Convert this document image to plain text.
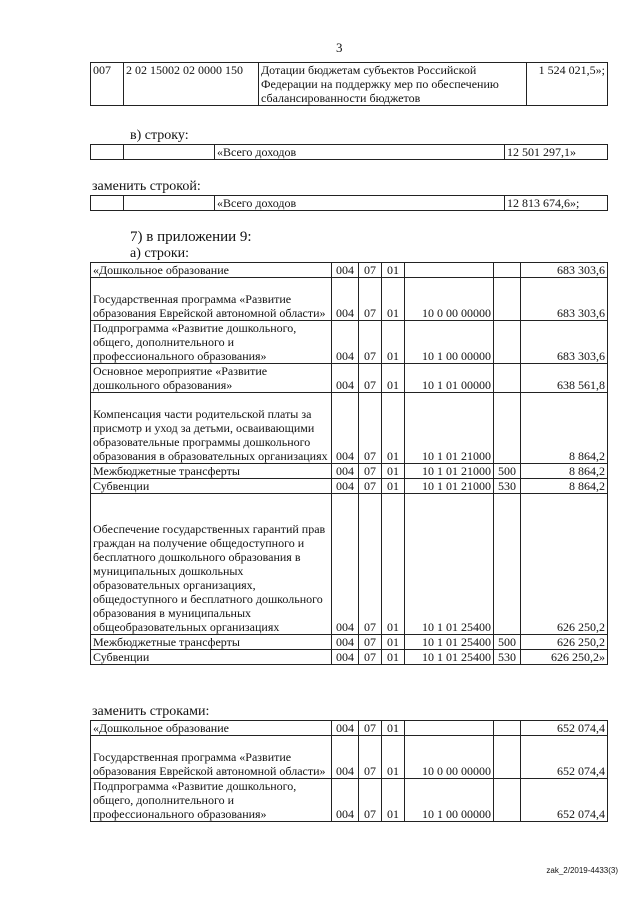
3
007	2 02 15002 02 0000 150	Дотации бюджетам субъектов Российской Федерации на поддержку мер по обеспечению сбалансированности бюджетов	1 524 021,5»;
в) строку:
		«Всего доходов	12 501 297,1»
заменить строкой:
		«Всего доходов	12 813 674,6»;
7) в приложении 9:
а) строки:
«Дошкольное образование	004	07	01			683 303,6
Государственная программа «Развитие образования Еврейской автономной области»	004	07	01	10 0 00 00000		683 303,6
Подпрограмма «Развитие дошкольного, общего, дополнительного и профессионального образования»	004	07	01	10 1 00 00000		683 303,6
Основное мероприятие «Развитие дошкольного образования»	004	07	01	10 1 01 00000		638 561,8
Компенсация части родительской платы за присмотр и уход за детьми, осваивающими образовательные программы дошкольного образования в образовательных организациях	004	07	01	10 1 01 21000		8 864,2
Межбюджетные трансферты	004	07	01	10 1 01 21000	500	8 864,2
Субвенции	004	07	01	10 1 01 21000	530	8 864,2
Обеспечение государственных гарантий прав граждан на получение общедоступного и бесплатного дошкольного образования в муниципальных дошкольных образовательных организациях, общедоступного и бесплатного дошкольного образования в муниципальных общеобразовательных организациях	004	07	01	10 1 01 25400		626 250,2
Межбюджетные трансферты	004	07	01	10 1 01 25400	500	626 250,2
Субвенции	004	07	01	10 1 01 25400	530	626 250,2»
заменить строками:
«Дошкольное образование	004	07	01			652 074,4
Государственная программа «Развитие образования Еврейской автономной области»	004	07	01	10 0 00 00000		652 074,4
Подпрограмма «Развитие дошкольного, общего, дополнительного и профессионального образования»	004	07	01	10 1 00 00000		652 074,4
zak_2/2019-4433(3)
